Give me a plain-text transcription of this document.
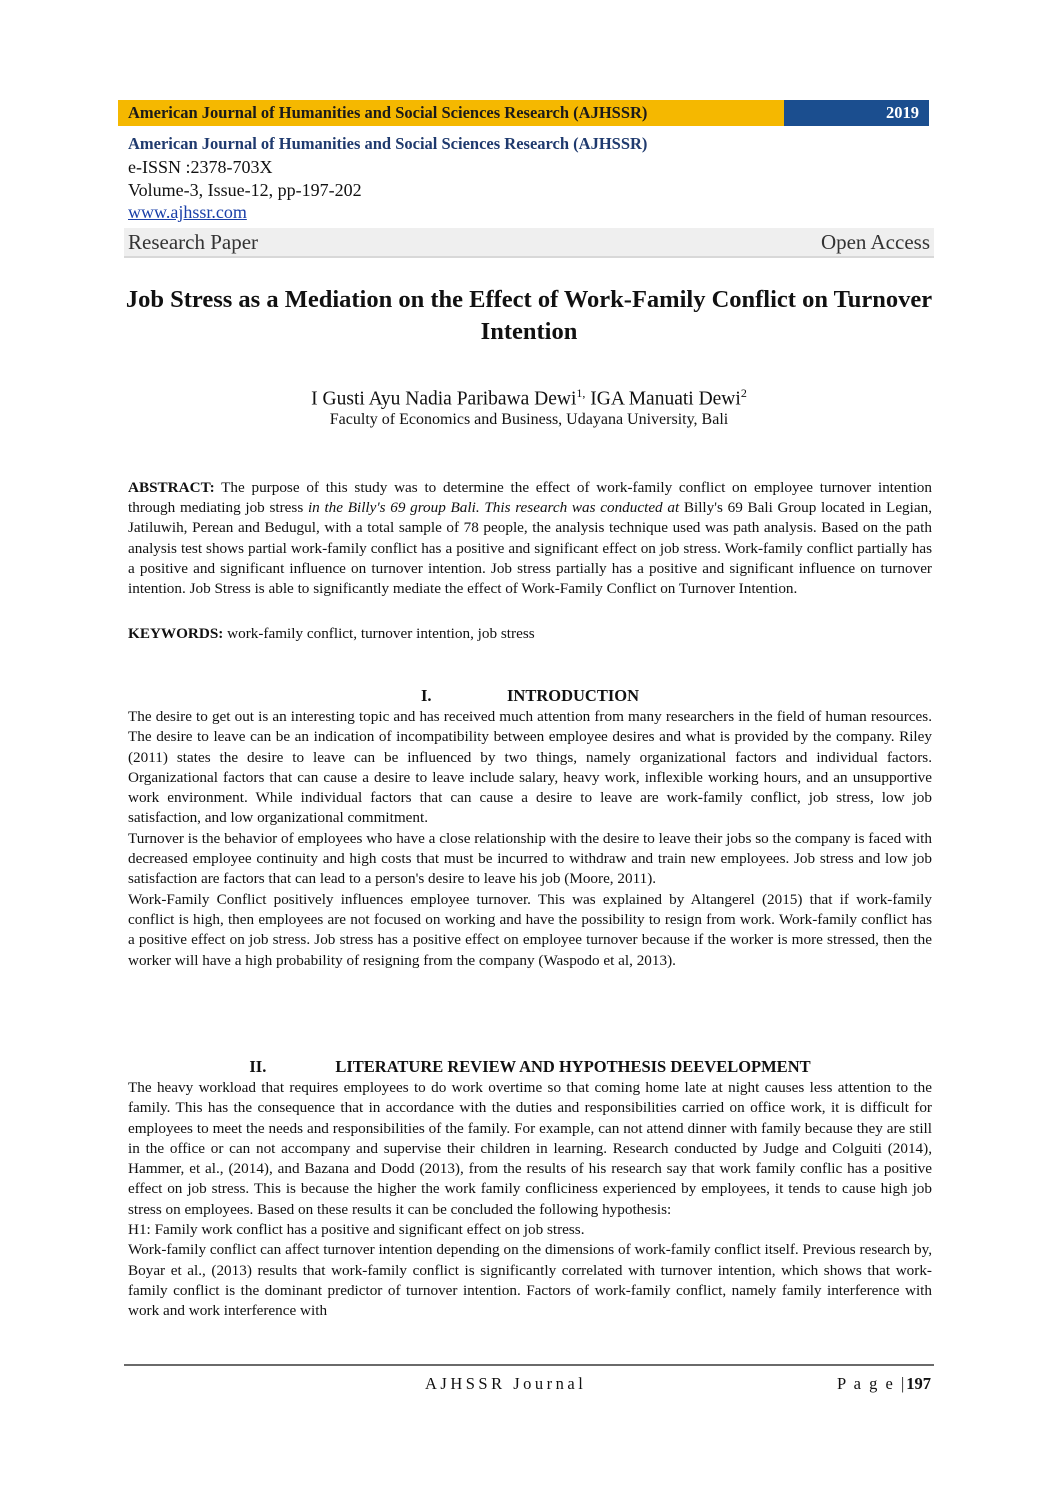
American Journal of Humanities and Social Sciences Research (AJHSSR)	2019
American Journal of Humanities and Social Sciences Research (AJHSSR)
e-ISSN :2378-703X
Volume-3, Issue-12, pp-197-202
www.ajhssr.com
Research Paper	Open Access
Job Stress as a Mediation on the Effect of Work-Family Conflict on Turnover Intention
I Gusti Ayu Nadia Paribawa Dewi$^{1,}$ IGA Manuati Dewi$^2$
Faculty of Economics and Business, Udayana University, Bali
ABSTRACT: The purpose of this study was to determine the effect of work-family conflict on employee turnover intention through mediating job stress in the Billy's 69 group Bali. This research was conducted at Billy's 69 Bali Group located in Legian, Jatiluwih, Perean and Bedugul, with a total sample of 78 people, the analysis technique used was path analysis. Based on the path analysis test shows partial work-family conflict has a positive and significant effect on job stress. Work-family conflict partially has a positive and significant influence on turnover intention. Job stress partially has a positive and significant influence on turnover intention. Job Stress is able to significantly mediate the effect of Work-Family Conflict on Turnover Intention.
KEYWORDS: work-family conflict, turnover intention, job stress
I.	INTRODUCTION

The desire to get out is an interesting topic and has received much attention from many researchers in the field of human resources. The desire to leave can be an indication of incompatibility between employee desires and what is provided by the company. Riley (2011) states the desire to leave can be influenced by two things, namely organizational factors and individual factors. Organizational factors that can cause a desire to leave include salary, heavy work, inflexible working hours, and an unsupportive work environment. While individual factors that can cause a desire to leave are work-family conflict, job stress, low job satisfaction, and low organizational commitment.

Turnover is the behavior of employees who have a close relationship with the desire to leave their jobs so the company is faced with decreased employee continuity and high costs that must be incurred to withdraw and train new employees. Job stress and low job satisfaction are factors that can lead to a person's desire to leave his job (Moore, 2011).

Work-Family Conflict positively influences employee turnover. This was explained by Altangerel (2015) that if work-family conflict is high, then employees are not focused on working and have the possibility to resign from work. Work-family conflict has a positive effect on job stress. Job stress has a positive effect on employee turnover because if the worker is more stressed, then the worker will have a high probability of resigning from the company (Waspodo et al, 2013).

II.	LITERATURE REVIEW AND HYPOTHESIS DEEVELOPMENT

The heavy workload that requires employees to do work overtime so that coming home late at night causes less attention to the family. This has the consequence that in accordance with the duties and responsibilities carried on office work, it is difficult for employees to meet the needs and responsibilities of the family. For example, can not attend dinner with family because they are still in the office or can not accompany and supervise their children in learning. Research conducted by Judge and Colguiti (2014), Hammer, et al., (2014), and Bazana and Dodd (2013), from the results of his research say that work family conflic has a positive effect on job stress. This is because the higher the work family confliciness experienced by employees, it tends to cause high job stress on employees. Based on these results it can be concluded the following hypothesis:

H1: Family work conflict has a positive and significant effect on job stress.

Work-family conflict can affect turnover intention depending on the dimensions of work-family conflict itself. Previous research by, Boyar et al., (2013) results that work-family conflict is significantly correlated with turnover intention, which shows that work-family conflict is the dominant predictor of turnover intention. Factors of work-family conflict, namely family interference with work and work interference with

AJHSSR Journal	P a g e |197
